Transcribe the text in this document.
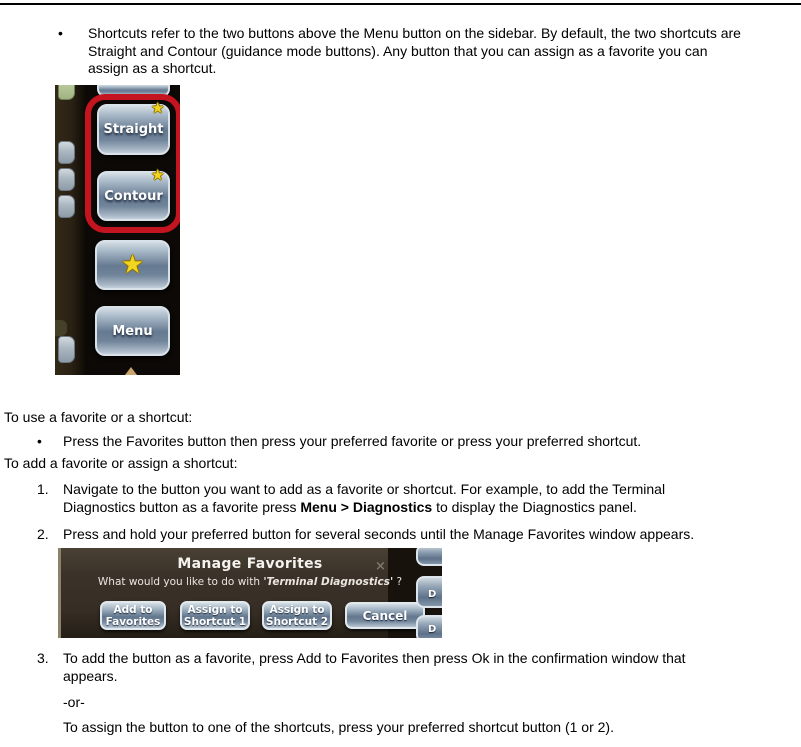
• Shortcuts refer to the two buttons above the Menu button on the sidebar. By default, the two shortcuts are
Straight and Contour (guidance mode buttons). Any button that you can assign as a favorite you can
assign as a shortcut.
Straight
★
Contour
★
★
Menu
To use a favorite or a shortcut:
• Press the Favorites button then press your preferred favorite or press your preferred shortcut.
To add a favorite or assign a shortcut:
1. Navigate to the button you want to add as a favorite or shortcut. For example, to add the Terminal
Diagnostics button as a favorite press Menu > Diagnostics to display the Diagnostics panel.
2. Press and hold your preferred button for several seconds until the Manage Favorites window appears.
Manage Favorites	×
What would you like to do with 'Terminal Diagnostics' ?
Add to
Favorites
Assign to
Shortcut 1
Assign to
Shortcut 2	Cancel
D
D
3. To add the button as a favorite, press Add to Favorites then press Ok in the confirmation window that
appears.
-or-
To assign the button to one of the shortcuts, press your preferred shortcut button (1 or 2).
